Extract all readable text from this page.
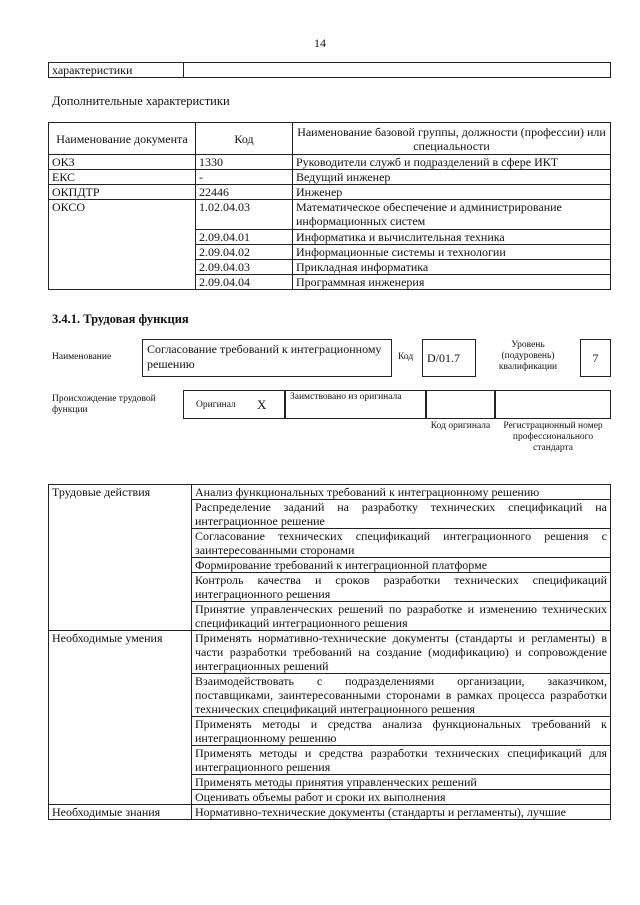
14
характеристики	
Дополнительные характеристики
Наименование документа	Код	Наименование базовой группы, должности (профессии) или специальности
ОКЗ	1330	Руководители служб и подразделений в сфере ИКТ
ЕКС	-	Ведущий инженер
ОКПДТР	22446	Инженер
ОКСО	1.02.04.03	Математическое обеспечение и администрирование информационных систем
	2.09.04.01	Информатика и вычислительная техника
	2.09.04.02	Информационные системы и технологии
	2.09.04.03	Прикладная информатика
	2.09.04.04	Программная инженерия
3.4.1. Трудовая функция
Наименование
Согласование требований к интеграционному решению	Код	D/01.7
Уровень (подуровень) квалификации
7
Происхождение трудовой функции	Оригинал X	Заимствовано из оригинала
Код оригинала	Регистрационный номер профессионального стандарта
Трудовые действия	Анализ функциональных требований к интеграционному решению
	Распределение заданий на разработку технических спецификаций на интеграционное решение
	Согласование технических спецификаций интеграционного решения с заинтересованными сторонами
	Формирование требований к интеграционной платформе
	Контроль качества и сроков разработки технических спецификаций интеграционного решения
	Принятие управленческих решений по разработке и изменению технических спецификаций интеграционного решения
Необходимые умения	Применять нормативно-технические документы (стандарты и регламенты) в части разработки требований на создание (модификацию) и сопровождение интеграционных решений
	Взаимодействовать с подразделениями организации, заказчиком, поставщиками, заинтересованными сторонами в рамках процесса разработки технических спецификаций интеграционного решения
	Применять методы и средства анализа функциональных требований к интеграционному решению
	Применять методы и средства разработки технических спецификаций для интеграционного решения
	Применять методы принятия управленческих решений
	Оценивать объемы работ и сроки их выполнения
Необходимые знания	Нормативно-технические документы (стандарты и регламенты), лучшие
